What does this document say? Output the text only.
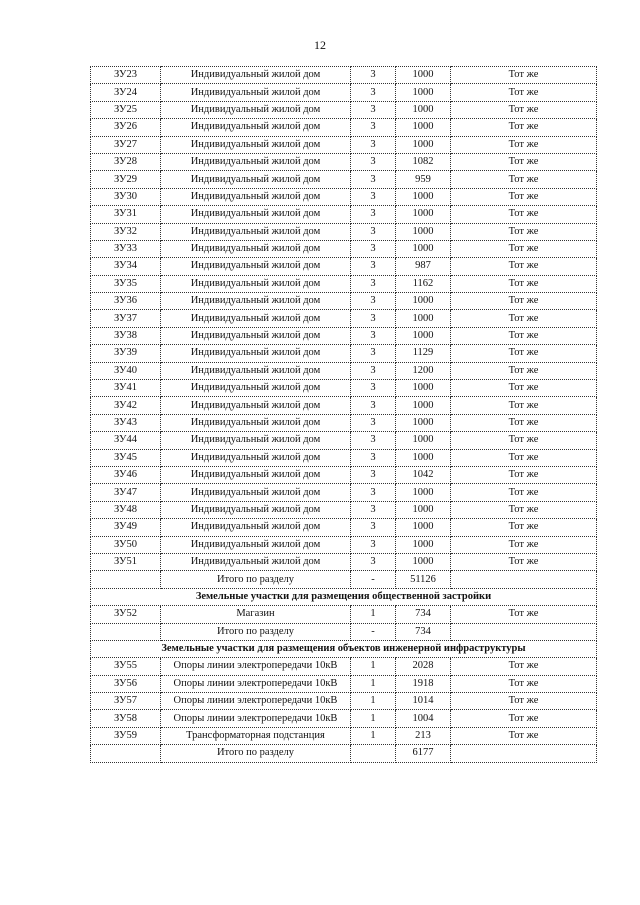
12
ЗУ23	Индивидуальный жилой дом	3	1000	Тот же
ЗУ24	Индивидуальный жилой дом	3	1000	Тот же
ЗУ25	Индивидуальный жилой дом	3	1000	Тот же
ЗУ26	Индивидуальный жилой дом	3	1000	Тот же
ЗУ27	Индивидуальный жилой дом	3	1000	Тот же
ЗУ28	Индивидуальный жилой дом	3	1082	Тот же
ЗУ29	Индивидуальный жилой дом	3	959	Тот же
ЗУ30	Индивидуальный жилой дом	3	1000	Тот же
ЗУ31	Индивидуальный жилой дом	3	1000	Тот же
ЗУ32	Индивидуальный жилой дом	3	1000	Тот же
ЗУ33	Индивидуальный жилой дом	3	1000	Тот же
ЗУ34	Индивидуальный жилой дом	3	987	Тот же
ЗУ35	Индивидуальный жилой дом	3	1162	Тот же
ЗУ36	Индивидуальный жилой дом	3	1000	Тот же
ЗУ37	Индивидуальный жилой дом	3	1000	Тот же
ЗУ38	Индивидуальный жилой дом	3	1000	Тот же
ЗУ39	Индивидуальный жилой дом	3	1129	Тот же
ЗУ40	Индивидуальный жилой дом	3	1200	Тот же
ЗУ41	Индивидуальный жилой дом	3	1000	Тот же
ЗУ42	Индивидуальный жилой дом	3	1000	Тот же
ЗУ43	Индивидуальный жилой дом	3	1000	Тот же
ЗУ44	Индивидуальный жилой дом	3	1000	Тот же
ЗУ45	Индивидуальный жилой дом	3	1000	Тот же
ЗУ46	Индивидуальный жилой дом	3	1042	Тот же
ЗУ47	Индивидуальный жилой дом	3	1000	Тот же
ЗУ48	Индивидуальный жилой дом	3	1000	Тот же
ЗУ49	Индивидуальный жилой дом	3	1000	Тот же
ЗУ50	Индивидуальный жилой дом	3	1000	Тот же
ЗУ51	Индивидуальный жилой дом	3	1000	Тот же
	Итого по разделу	-	51126	
Земельные участки для размещения общественной застройки				
ЗУ52	Магазин	1	734	Тот же
	Итого по разделу	-	734	
Земельные участки для размещения объектов инженерной инфраструктуры				
ЗУ55	Опоры линии электропередачи 10кВ	1	2028	Тот же
ЗУ56	Опоры линии электропередачи 10кВ	1	1918	Тот же
ЗУ57	Опоры линии электропередачи 10кВ	1	1014	Тот же
ЗУ58	Опоры линии электропередачи 10кВ	1	1004	Тот же
ЗУ59	Трансформаторная подстанция	1	213	Тот же
	Итого по разделу		6177	
